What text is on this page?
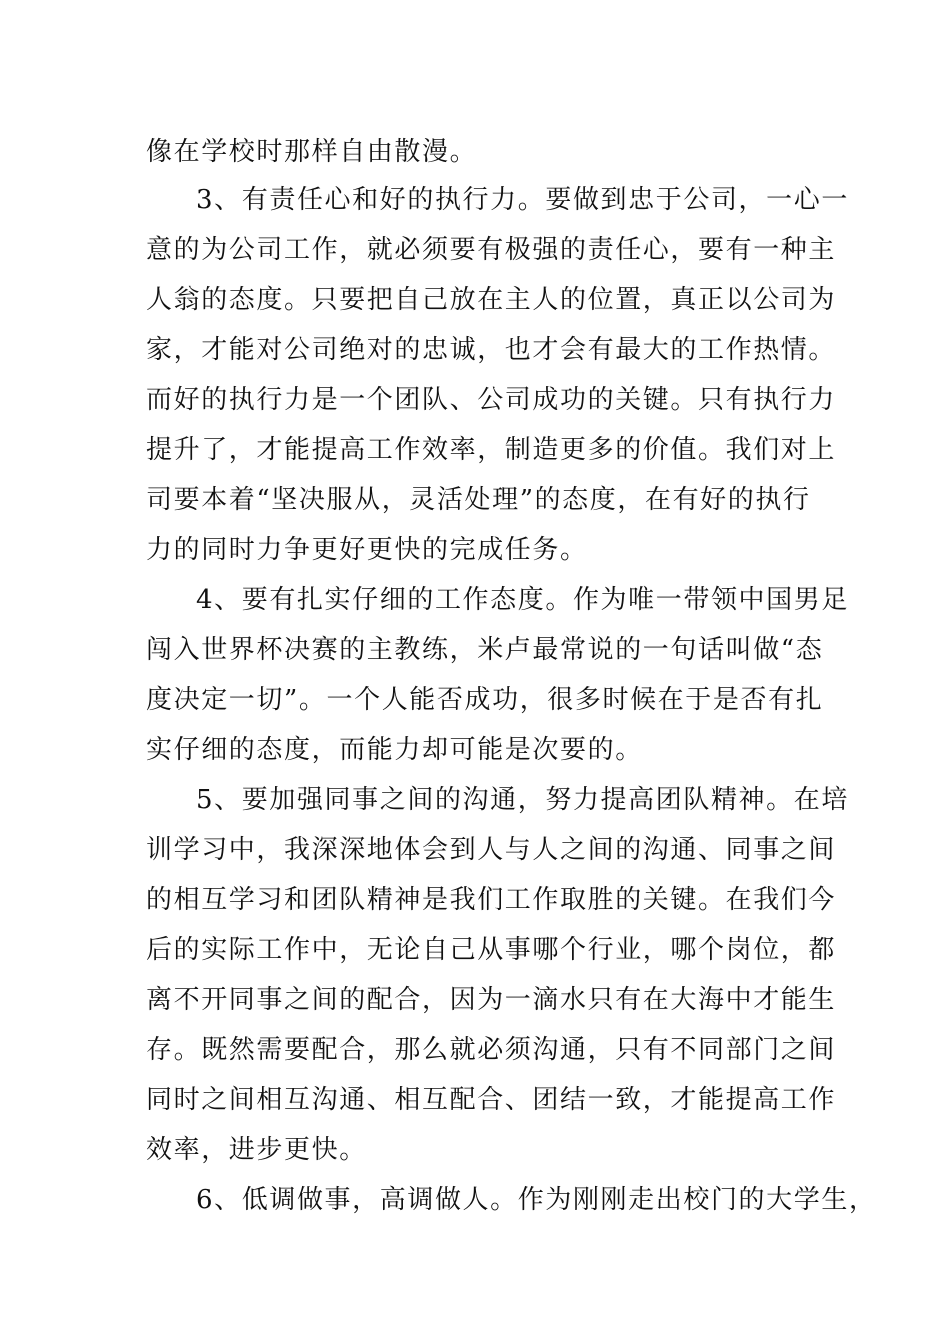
像在学校时那样自由散漫。
3、有责任心和好的执行力。要做到忠于公司，一心一
意的为公司工作，就必须要有极强的责任心，要有一种主
人翁的态度。只要把自己放在主人的位置，真正以公司为
家，才能对公司绝对的忠诚，也才会有最大的工作热情。
而好的执行力是一个团队、公司成功的关键。只有执行力
提升了，才能提高工作效率，制造更多的价值。我们对上
司要本着“坚决服从，灵活处理”的态度，在有好的执行
力的同时力争更好更快的完成任务。
4、要有扎实仔细的工作态度。作为唯一带领中国男足
闯入世界杯决赛的主教练，米卢最常说的一句话叫做“态
度决定一切”。一个人能否成功，很多时候在于是否有扎
实仔细的态度，而能力却可能是次要的。
5、要加强同事之间的沟通，努力提高团队精神。在培
训学习中，我深深地体会到人与人之间的沟通、同事之间
的相互学习和团队精神是我们工作取胜的关键。在我们今
后的实际工作中，无论自己从事哪个行业，哪个岗位，都
离不开同事之间的配合，因为一滴水只有在大海中才能生
存。既然需要配合，那么就必须沟通，只有不同部门之间
同时之间相互沟通、相互配合、团结一致，才能提高工作
效率，进步更快。
6、低调做事，高调做人。作为刚刚走出校门的大学生，
